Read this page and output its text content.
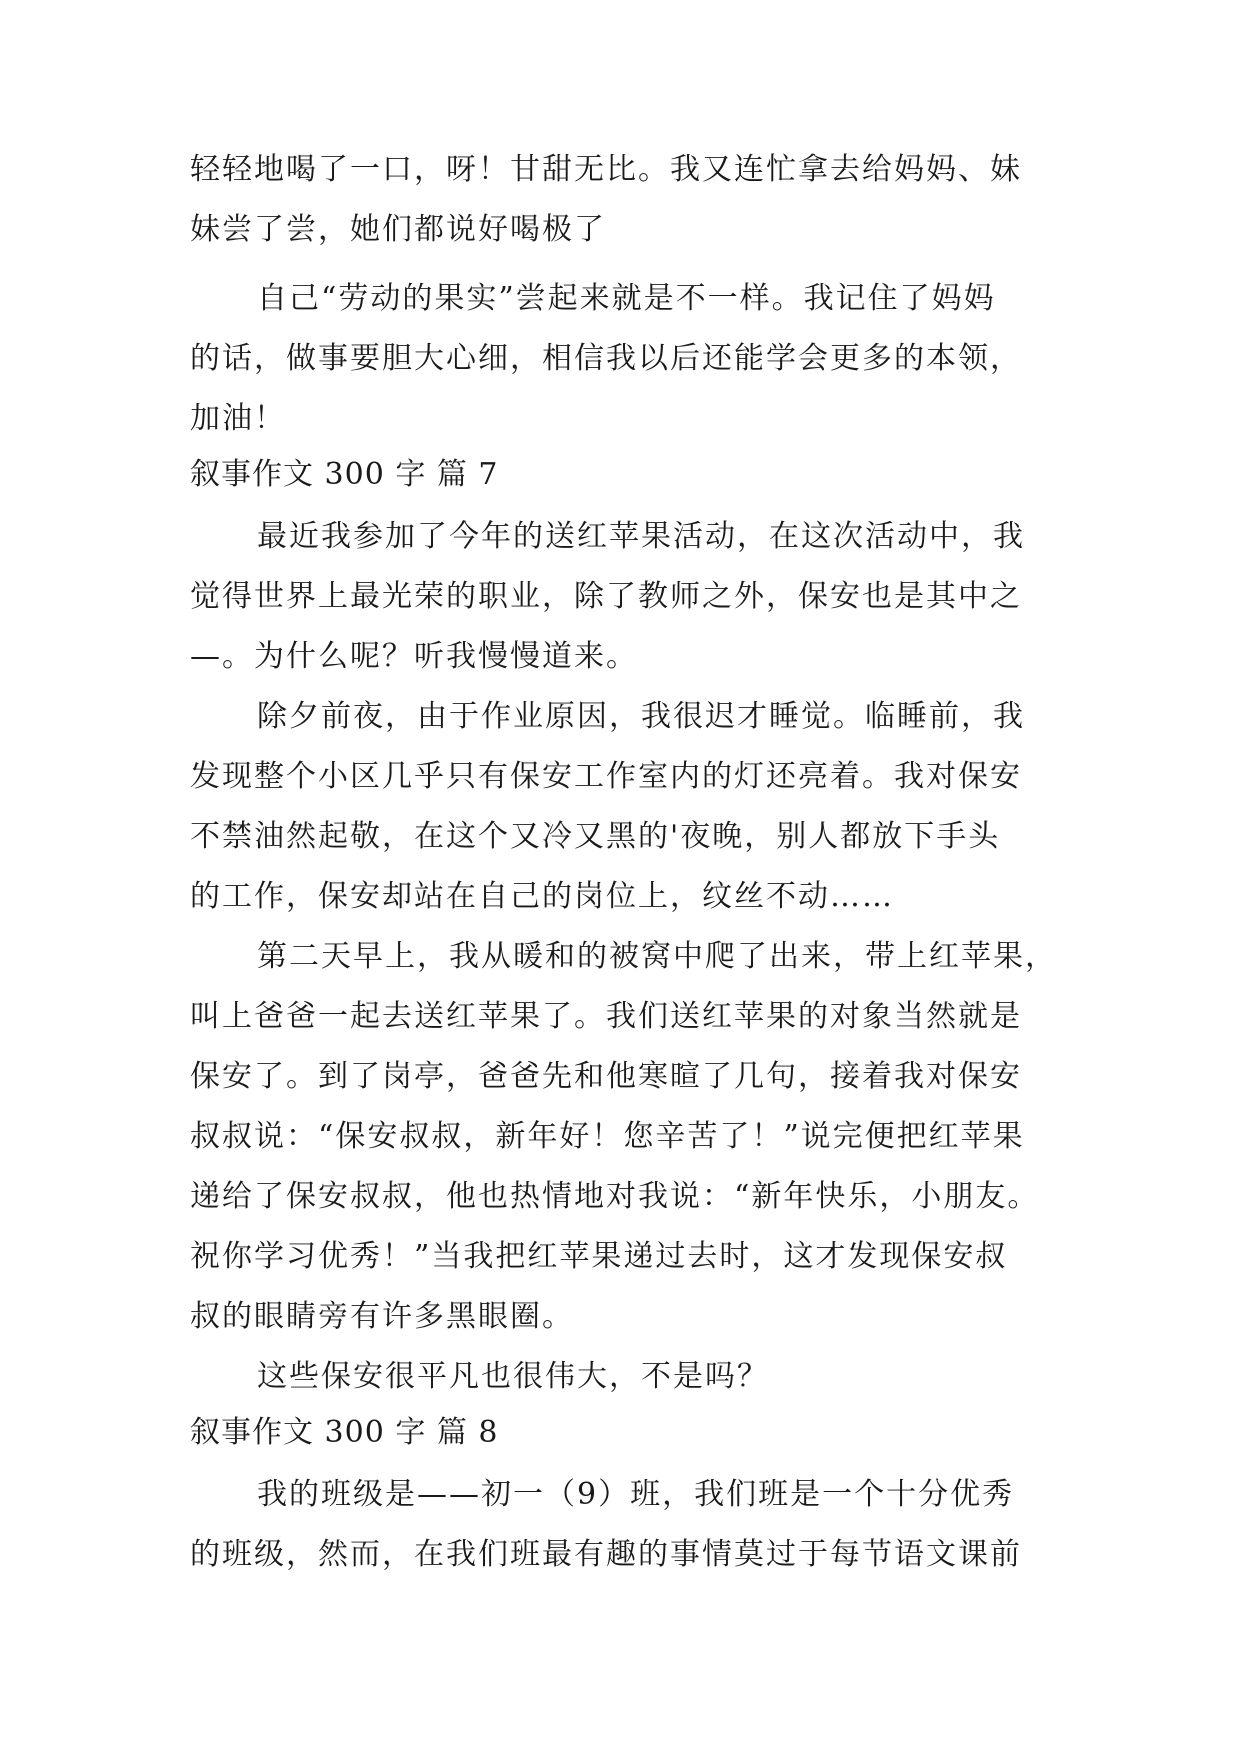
轻轻地喝了一口，呀！甘甜无比。我又连忙拿去给妈妈、妹
妹尝了尝，她们都说好喝极了
自己“劳动的果实”尝起来就是不一样。我记住了妈妈
的话，做事要胆大心细，相信我以后还能学会更多的本领，
加油！
叙事作文 300 字 篇 7
最近我参加了今年的送红苹果活动，在这次活动中，我
觉得世界上最光荣的职业，除了教师之外，保安也是其中之
—。为什么呢？听我慢慢道来。
除夕前夜，由于作业原因，我很迟才睡觉。临睡前，我
发现整个小区几乎只有保安工作室内的灯还亮着。我对保安
不禁油然起敬，在这个又冷又黑的'夜晚，别人都放下手头
的工作，保安却站在自己的岗位上，纹丝不动……
第二天早上，我从暖和的被窝中爬了出来，带上红苹果，
叫上爸爸一起去送红苹果了。我们送红苹果的对象当然就是
保安了。到了岗亭，爸爸先和他寒暄了几句，接着我对保安
叔叔说：“保安叔叔，新年好！您辛苦了！”说完便把红苹果
递给了保安叔叔，他也热情地对我说：“新年快乐，小朋友。
祝你学习优秀！”当我把红苹果递过去时，这才发现保安叔
叔的眼睛旁有许多黑眼圈。
这些保安很平凡也很伟大，不是吗？
叙事作文 300 字 篇 8
我的班级是——初一（9）班，我们班是一个十分优秀
的班级，然而，在我们班最有趣的事情莫过于每节语文课前
